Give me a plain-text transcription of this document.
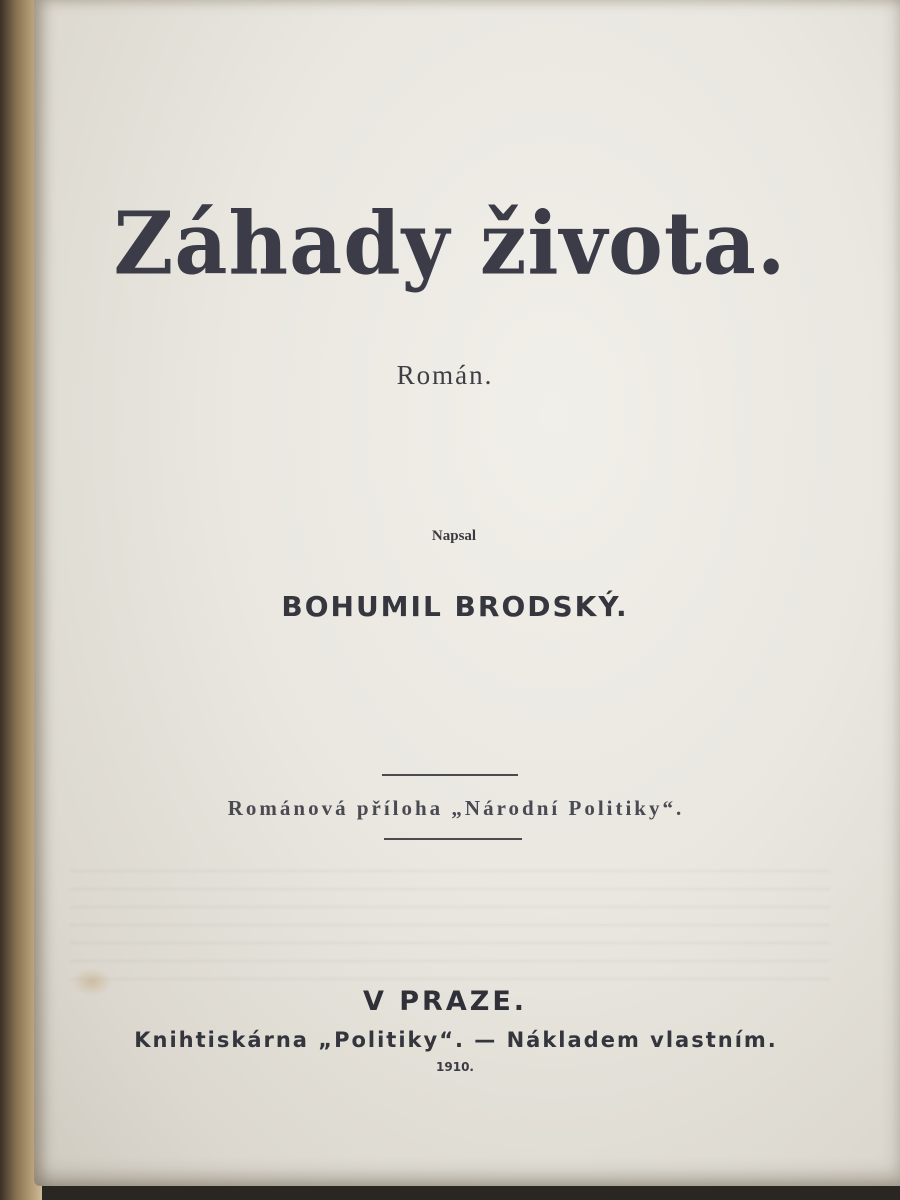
Záhady života.
Román.
Napsal
BOHUMIL BRODSKÝ.
Románová příloha „Národní Politiky“.
V PRAZE.
Knihtiskárna „Politiky“. — Nákladem vlastním.
1910.
